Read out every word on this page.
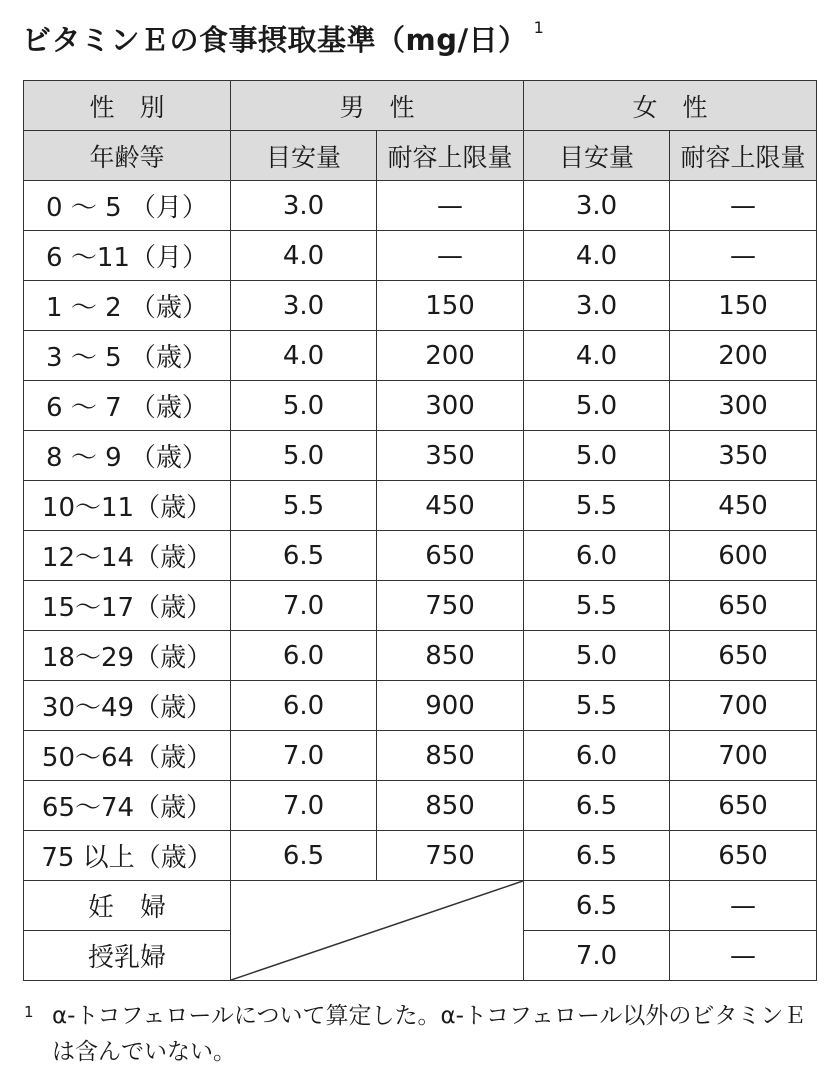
ビタミンＥの食事摂取基準（mg/日） $^1$
性　別	男　性		女　性	
年齢等	目安量	耐容上限量	目安量	耐容上限量
0 ～ 5 （月）	3.0	—	3.0	—
6 ～11（月）	4.0	—	4.0	—
1 ～ 2 （歳）	3.0	150	3.0	150
3 ～ 5 （歳）	4.0	200	4.0	200
6 ～ 7 （歳）	5.0	300	5.0	300
8 ～ 9 （歳）	5.0	350	5.0	350
10～11（歳）	5.5	450	5.5	450
12～14（歳）	6.5	650	6.0	600
15～17（歳）	7.0	750	5.5	650
18～29（歳）	6.0	850	5.0	650
30～49（歳）	6.0	900	5.5	700
50～64（歳）	7.0	850	6.0	700
65～74（歳）	7.0	850	6.5	650
75 以上（歳）	6.5	750	6.5	650
妊　婦			6.5	—
授乳婦			7.0	—
1 α-トコフェロールについて算定した。α-トコフェロール以外のビタミンＥは含んでいない。
